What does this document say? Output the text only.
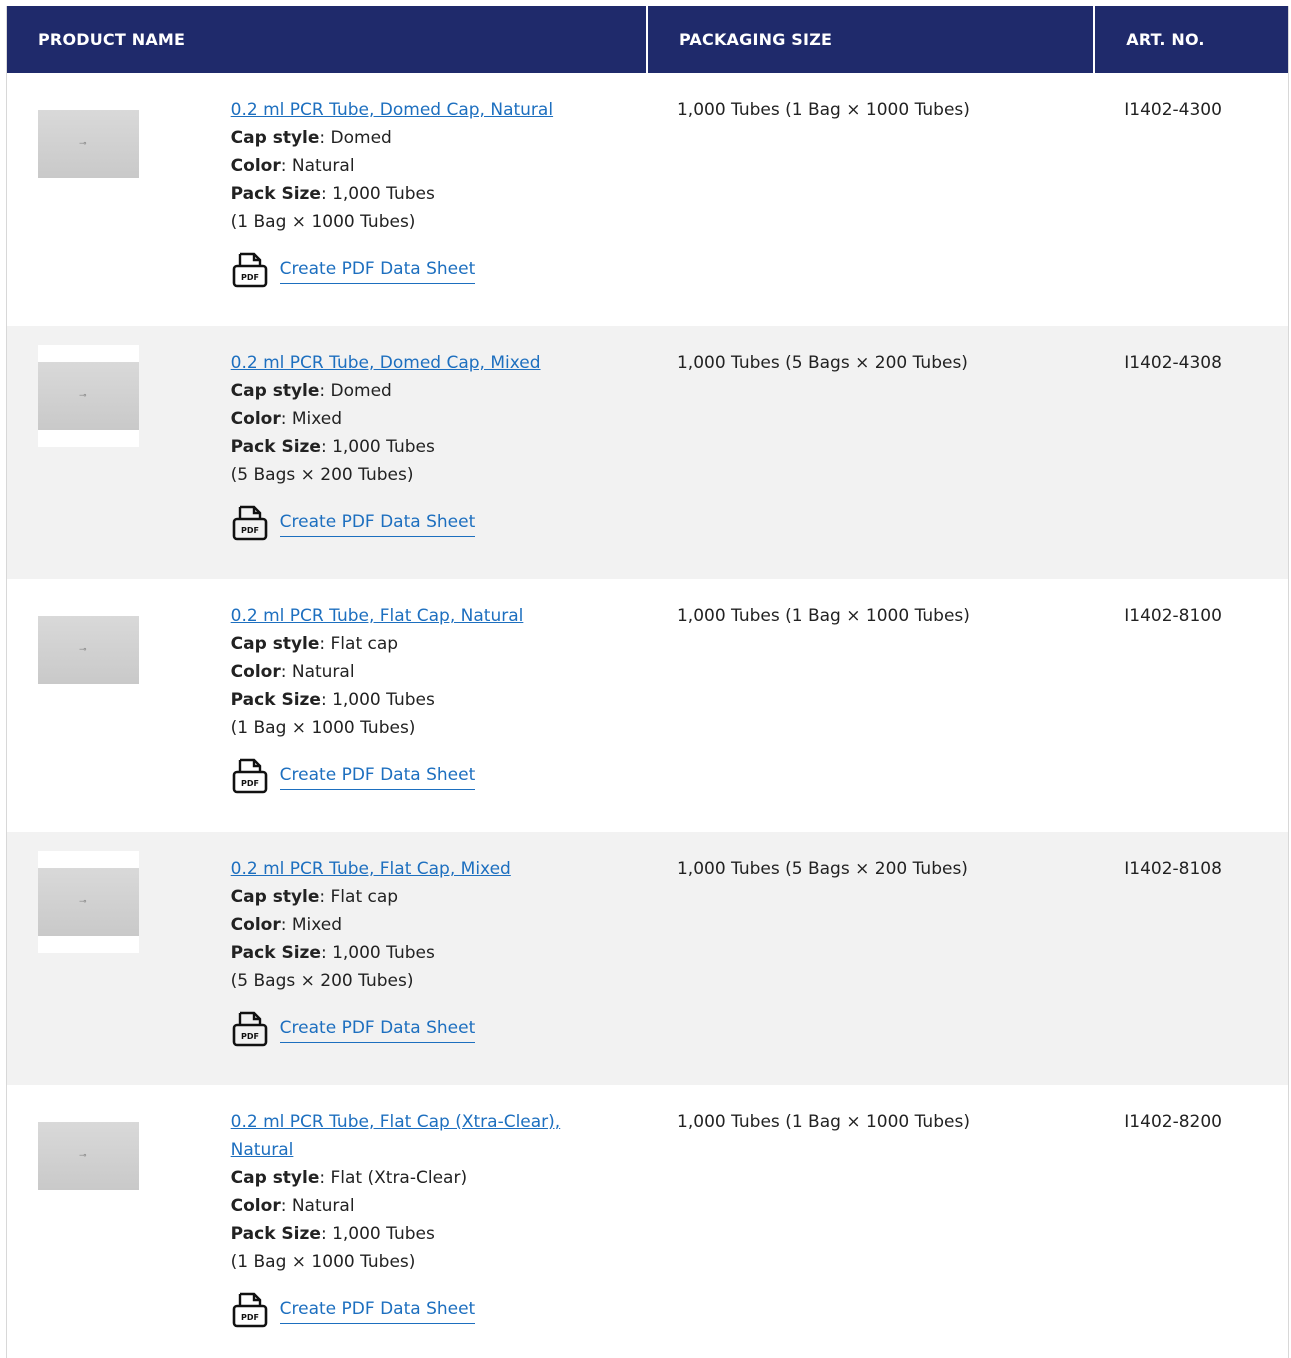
PRODUCT NAME	PACKAGING SIZE	ART. NO.
⊸
0.2 ml PCR Tube, Domed Cap, Natural
Cap style: Domed
Color: Natural
Pack Size: 1,000 Tubes
(1 Bag × 1000 Tubes)
PDF Create PDF Data Sheet
1,000 Tubes (1 Bag × 1000 Tubes)	I1402-4300
⊸
0.2 ml PCR Tube, Domed Cap, Mixed
Cap style: Domed
Color: Mixed
Pack Size: 1,000 Tubes
(5 Bags × 200 Tubes)
PDF Create PDF Data Sheet
1,000 Tubes (5 Bags × 200 Tubes)	I1402-4308
⊸
0.2 ml PCR Tube, Flat Cap, Natural
Cap style: Flat cap
Color: Natural
Pack Size: 1,000 Tubes
(1 Bag × 1000 Tubes)
PDF Create PDF Data Sheet
1,000 Tubes (1 Bag × 1000 Tubes)	I1402-8100
⊸
0.2 ml PCR Tube, Flat Cap, Mixed
Cap style: Flat cap
Color: Mixed
Pack Size: 1,000 Tubes
(5 Bags × 200 Tubes)
PDF Create PDF Data Sheet
1,000 Tubes (5 Bags × 200 Tubes)	I1402-8108
⊸
0.2 ml PCR Tube, Flat Cap (Xtra-Clear), Natural
Cap style: Flat (Xtra-Clear)
Color: Natural
Pack Size: 1,000 Tubes
(1 Bag × 1000 Tubes)
PDF Create PDF Data Sheet
1,000 Tubes (1 Bag × 1000 Tubes)	I1402-8200
